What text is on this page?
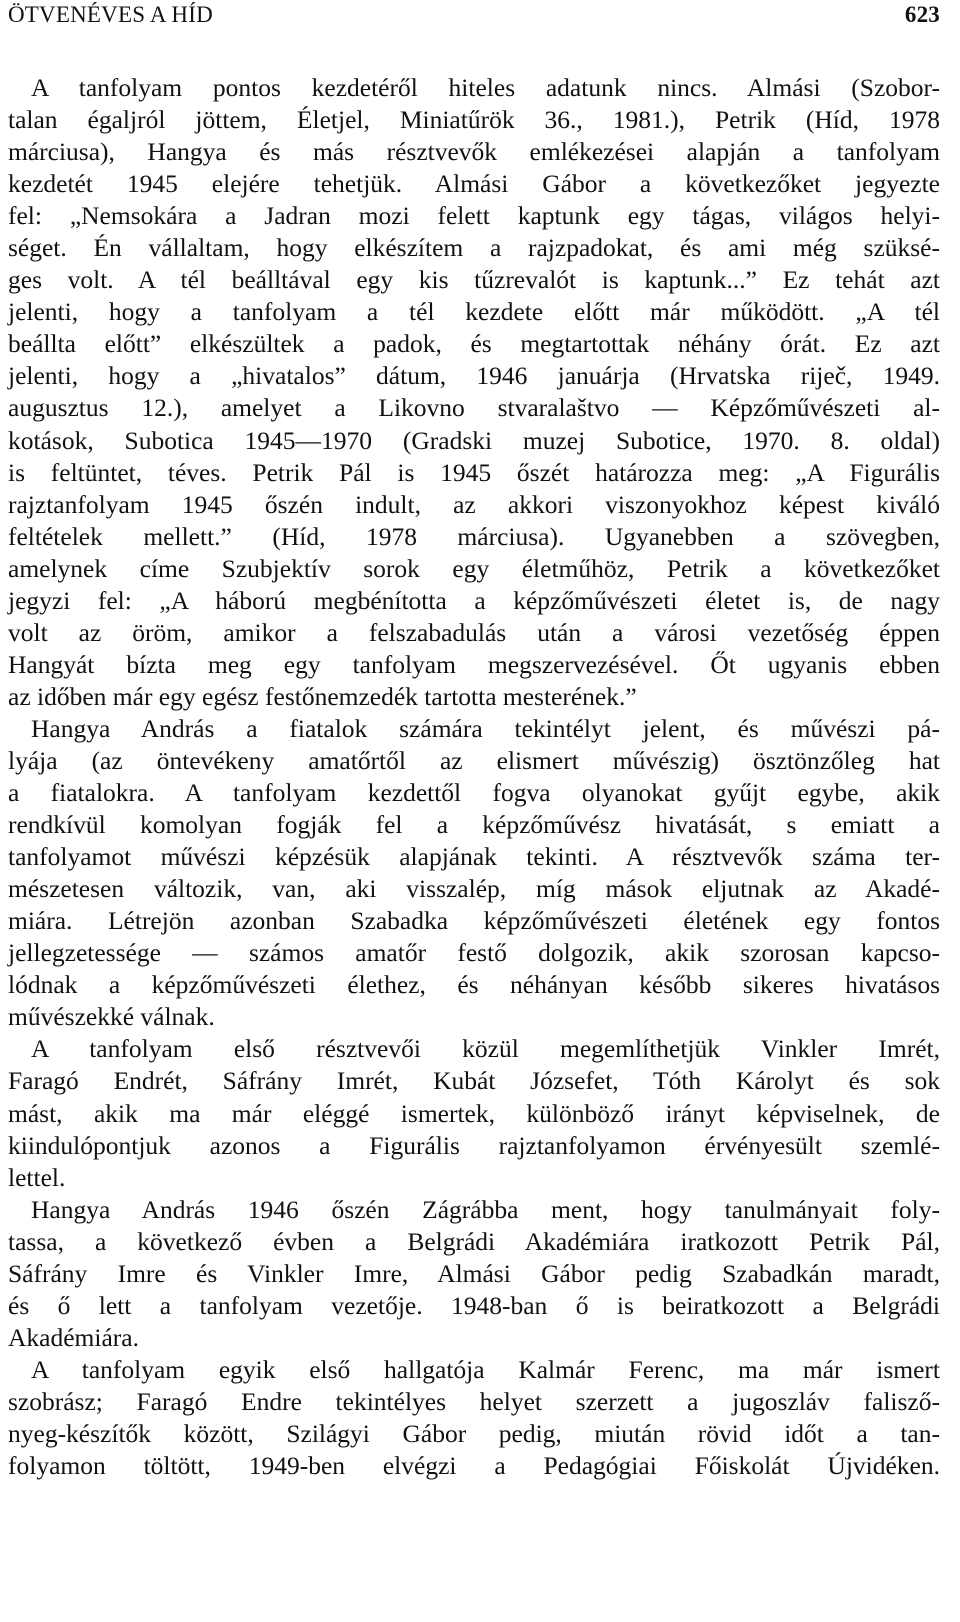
ÖTVENÉVES A HÍD	623
A tanfolyam pontos kezdetéről hiteles adatunk nincs. Almási (Szobor-
talan égaljról jöttem, Életjel, Miniatűrök 36., 1981.), Petrik (Híd, 1978
márciusa), Hangya és más résztvevők emlékezései alapján a tanfolyam
kezdetét 1945 elejére tehetjük. Almási Gábor a következőket jegyezte
fel: „Nemsokára a Jadran mozi felett kaptunk egy tágas, világos helyi-
séget. Én vállaltam, hogy elkészítem a rajzpadokat, és ami még szüksé-
ges volt. A tél beálltával egy kis tűzrevalót is kaptunk...” Ez tehát azt
jelenti, hogy a tanfolyam a tél kezdete előtt már működött. „A tél
beállta előtt” elkészültek a padok, és megtartottak néhány órát. Ez azt
jelenti, hogy a „hivatalos” dátum, 1946 januárja (Hrvatska riječ, 1949.
augusztus 12.), amelyet a Likovno stvaralaštvo — Képzőművészeti al-
kotások, Subotica 1945—1970 (Gradski muzej Subotice, 1970. 8. oldal)
is feltüntet, téves. Petrik Pál is 1945 őszét határozza meg: „A Figurális
rajztanfolyam 1945 őszén indult, az akkori viszonyokhoz képest kiváló
feltételek mellett.” (Híd, 1978 márciusa). Ugyanebben a szövegben,
amelynek címe Szubjektív sorok egy életműhöz, Petrik a következőket
jegyzi fel: „A háború megbénította a képzőművészeti életet is, de nagy
volt az öröm, amikor a felszabadulás után a városi vezetőség éppen
Hangyát bízta meg egy tanfolyam megszervezésével. Őt ugyanis ebben
az időben már egy egész festőnemzedék tartotta mesterének.”
Hangya András a fiatalok számára tekintélyt jelent, és művészi pá-
lyája (az öntevékeny amatőrtől az elismert művészig) ösztönzőleg hat
a fiatalokra. A tanfolyam kezdettől fogva olyanokat gyűjt egybe, akik
rendkívül komolyan fogják fel a képzőművész hivatását, s emiatt a
tanfolyamot művészi képzésük alapjának tekinti. A résztvevők száma ter-
mészetesen változik, van, aki visszalép, míg mások eljutnak az Akadé-
miára. Létrejön azonban Szabadka képzőművészeti életének egy fontos
jellegzetessége — számos amatőr festő dolgozik, akik szorosan kapcso-
lódnak a képzőművészeti élethez, és néhányan később sikeres hivatásos
művészekké válnak.
A tanfolyam első résztvevői közül megemlíthetjük Vinkler Imrét,
Faragó Endrét, Sáfrány Imrét, Kubát Józsefet, Tóth Károlyt és sok
mást, akik ma már eléggé ismertek, különböző irányt képviselnek, de
kiindulópontjuk azonos a Figurális rajztanfolyamon érvényesült szemlé-
lettel.
Hangya András 1946 őszén Zágrábba ment, hogy tanulmányait foly-
tassa, a következő évben a Belgrádi Akadémiára iratkozott Petrik Pál,
Sáfrány Imre és Vinkler Imre, Almási Gábor pedig Szabadkán maradt,
és ő lett a tanfolyam vezetője. 1948-ban ő is beiratkozott a Belgrádi
Akadémiára.
A tanfolyam egyik első hallgatója Kalmár Ferenc, ma már ismert
szobrász; Faragó Endre tekintélyes helyet szerzett a jugoszláv falisző-
nyeg-készítők között, Szilágyi Gábor pedig, miután rövid időt a tan-
folyamon töltött, 1949-ben elvégzi a Pedagógiai Főiskolát Újvidéken.
